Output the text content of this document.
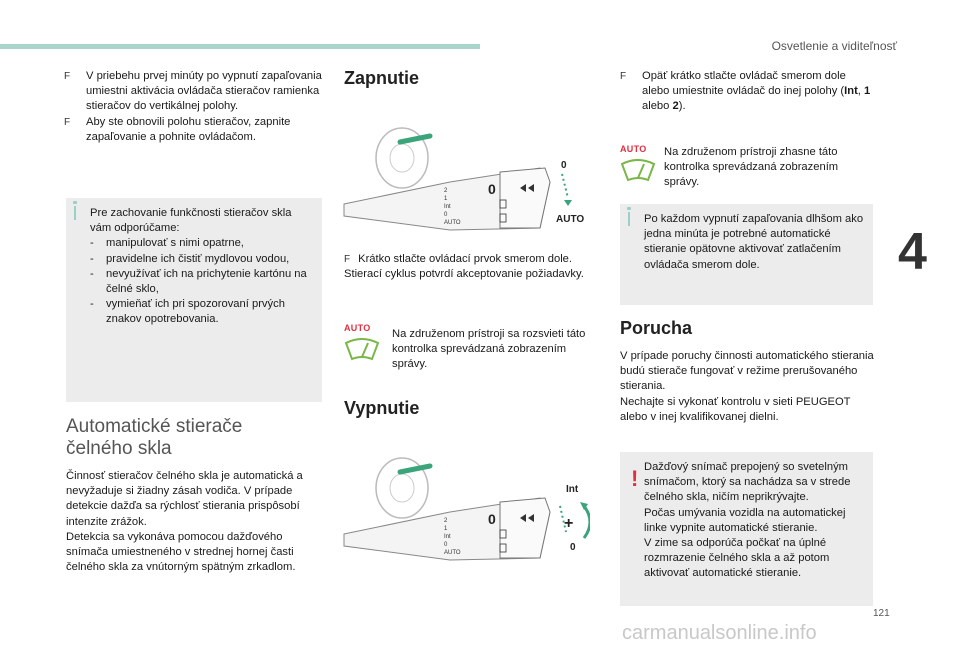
Osvetlenie a viditeľnosť
4
F V priebehu prvej minúty po vypnutí zapaľovania umiestni aktivácia ovládača stieračov ramienka stieračov do vertikálnej polohy.
F Aby ste obnovili polohu stieračov, zapnite zapaľovanie a pohnite ovládačom.
Pre zachovanie funkčnosti stieračov skla vám odporúčame:
- manipulovať s nimi opatrne,
- pravidelne ich čistiť mydlovou vodou,
- nevyužívať ich na prichytenie kartónu na čelné sklo,
- vymieňať ich pri spozorovaní prvých znakov opotrebovania.
Automatické stierače
čelného skla
Činnosť stieračov čelného skla je automatická a nevyžaduje si žiadny zásah vodiča. V prípade detekcie dažďa sa rýchlosť stierania prispôsobí intenzite zrážok.
Detekcia sa vykonáva pomocou dažďového snímača umiestneného v strednej hornej časti čelného skla za vnútorným spätným zrkadlom.
Zapnutie
2
1
Int
0
AUTO
0
0
AUTO
F Krátko stlačte ovládací prvok smerom dole. Stierací cyklus potvrdí akceptovanie požiadavky.
AUTO	Na združenom prístroji sa rozsvieti táto kontrolka sprevádzaná zobrazením správy.
Vypnutie
2
1
Int
0
AUTO
0
Int
+
0
F Opäť krátko stlačte ovládač smerom dole alebo umiestnite ovládač do inej polohy (Int, 1 alebo 2).
AUTO	Na združenom prístroji zhasne táto kontrolka sprevádzaná zobrazením správy.
Po každom vypnutí zapaľovania dlhšom ako jedna minúta je potrebné automatické stieranie opätovne aktivovať zatlačením ovládača smerom dole.
Porucha
V prípade poruchy činnosti automatického stierania budú stierače fungovať v režime prerušovaného stierania.
Nechajte si vykonať kontrolu v sieti PEUGEOT alebo v inej kvalifikovanej dielni.
! Dažďový snímač prepojený so svetelným snímačom, ktorý sa nachádza sa v strede čelného skla, ničím neprikrývajte.
Počas umývania vozidla na automatickej linke vypnite automatické stieranie.
V zime sa odporúča počkať na úplné rozmrazenie čelného skla a až potom aktivovať automatické stieranie.
121
carmanualsonline.info
